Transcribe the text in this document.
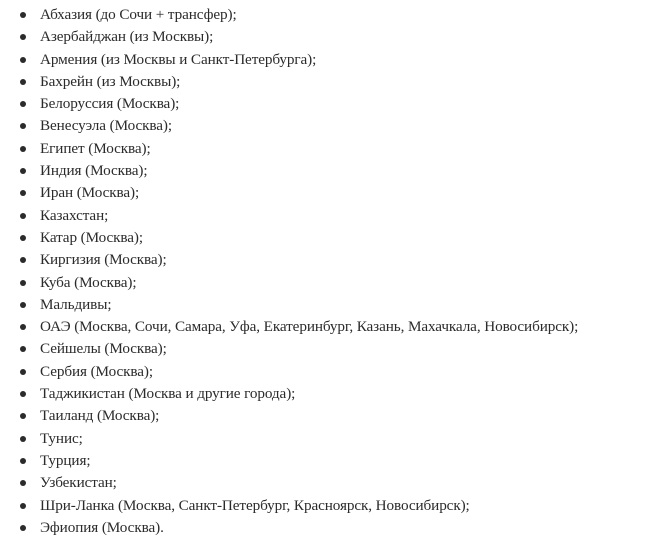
Абхазия (до Сочи + трансфер);
Азербайджан (из Москвы);
Армения (из Москвы и Санкт-Петербурга);
Бахрейн (из Москвы);
Белоруссия (Москва);
Венесуэла (Москва);
Египет (Москва);
Индия (Москва);
Иран (Москва);
Казахстан;
Катар (Москва);
Киргизия (Москва);
Куба (Москва);
Мальдивы;
ОАЭ (Москва, Сочи, Самара, Уфа, Екатеринбург, Казань, Махачкала, Новосибирск);
Сейшелы (Москва);
Сербия (Москва);
Таджикистан (Москва и другие города);
Таиланд (Москва);
Тунис;
Турция;
Узбекистан;
Шри-Ланка (Москва, Санкт-Петербург, Красноярск, Новосибирск);
Эфиопия (Москва).
